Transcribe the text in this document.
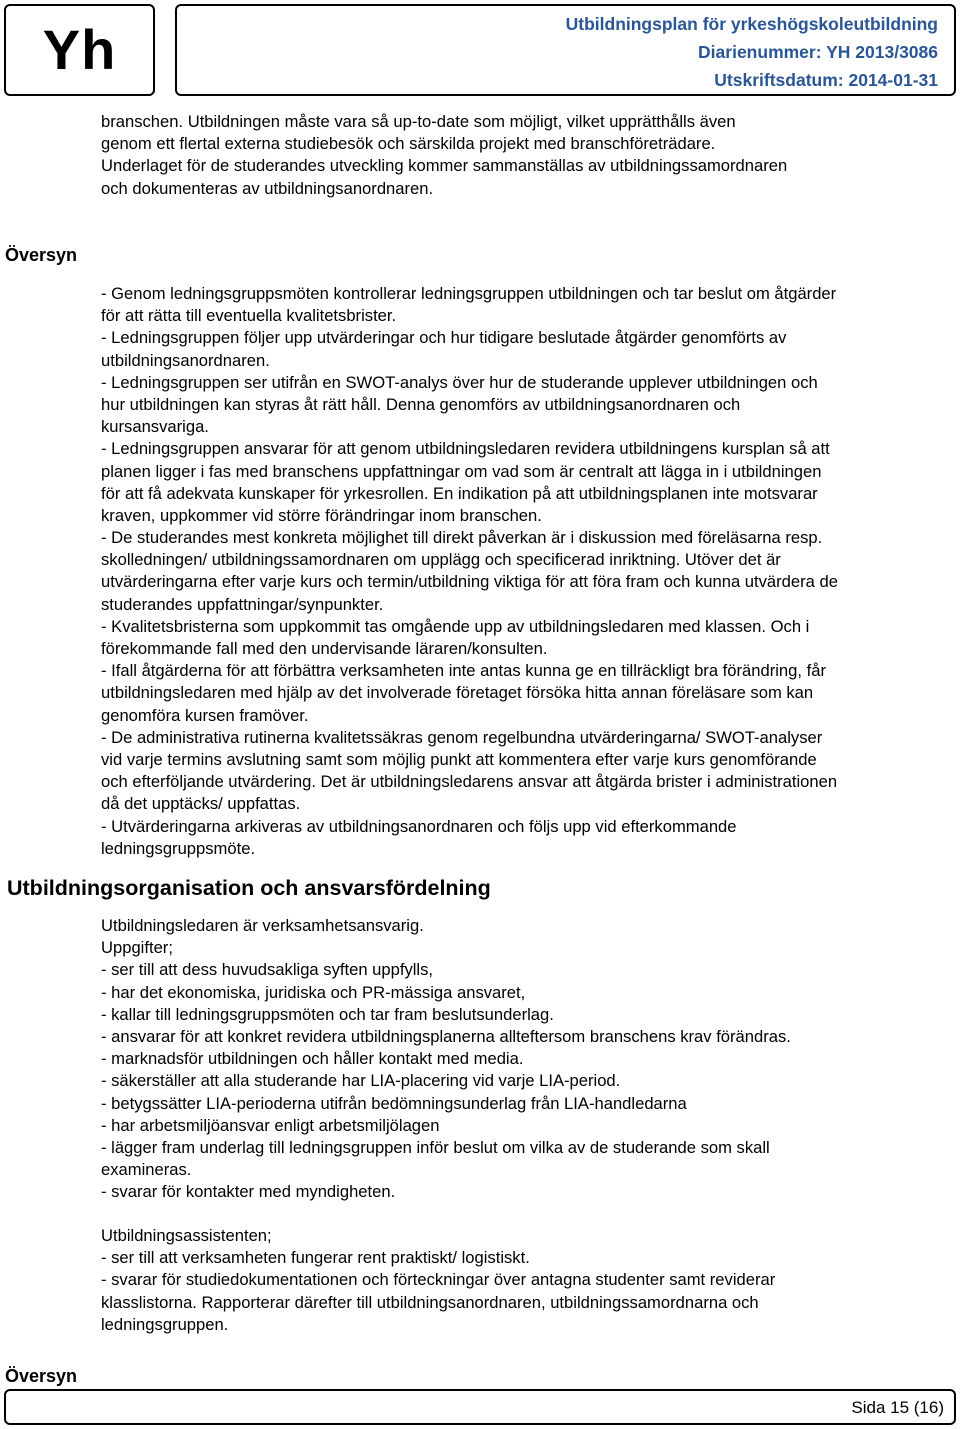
Yh	Utbildningsplan för yrkeshögskoleutbildning
Diarienummer: YH 2013/3086
Utskriftsdatum: 2014-01-31
branschen. Utbildningen måste vara så up-to-date som möjligt, vilket upprätthålls även
genom ett flertal externa studiebesök och särskilda projekt med branschföreträdare.
Underlaget för de studerandes utveckling kommer sammanställas av utbildningssamordnaren
och dokumenteras av utbildningsanordnaren.
Översyn
- Genom ledningsgruppsmöten kontrollerar ledningsgruppen utbildningen och tar beslut om åtgärder
för att rätta till eventuella kvalitetsbrister.
- Ledningsgruppen följer upp utvärderingar och hur tidigare beslutade åtgärder genomförts av
utbildningsanordnaren.
- Ledningsgruppen ser utifrån en SWOT-analys över hur de studerande upplever utbildningen och
hur utbildningen kan styras åt rätt håll. Denna genomförs av utbildningsanordnaren och
kursansvariga.
- Ledningsgruppen ansvarar för att genom utbildningsledaren revidera utbildningens kursplan så att
planen ligger i fas med branschens uppfattningar om vad som är centralt att lägga in i utbildningen
för att få adekvata kunskaper för yrkesrollen. En indikation på att utbildningsplanen inte motsvarar
kraven, uppkommer vid större förändringar inom branschen.
- De studerandes mest konkreta möjlighet till direkt påverkan är i diskussion med föreläsarna resp.
skolledningen/ utbildningssamordnaren om upplägg och specificerad inriktning. Utöver det är
utvärderingarna efter varje kurs och termin/utbildning viktiga för att föra fram och kunna utvärdera de
studerandes uppfattningar/synpunkter.
- Kvalitetsbristerna som uppkommit tas omgående upp av utbildningsledaren med klassen. Och i
förekommande fall med den undervisande läraren/konsulten.
- Ifall åtgärderna för att förbättra verksamheten inte antas kunna ge en tillräckligt bra förändring, får
utbildningsledaren med hjälp av det involverade företaget försöka hitta annan föreläsare som kan
genomföra kursen framöver.
- De administrativa rutinerna kvalitetssäkras genom regelbundna utvärderingarna/ SWOT-analyser
vid varje termins avslutning samt som möjlig punkt att kommentera efter varje kurs genomförande
och efterföljande utvärdering. Det är utbildningsledarens ansvar att åtgärda brister i administrationen
då det upptäcks/ uppfattas.
- Utvärderingarna arkiveras av utbildningsanordnaren och följs upp vid efterkommande
ledningsgruppsmöte.
Utbildningsorganisation och ansvarsfördelning
Utbildningsledaren är verksamhetsansvarig.
Uppgifter;
- ser till att dess huvudsakliga syften uppfylls,
- har det ekonomiska, juridiska och PR-mässiga ansvaret,
- kallar till ledningsgruppsmöten och tar fram beslutsunderlag.
- ansvarar för att konkret revidera utbildningsplanerna allteftersom branschens krav förändras.
- marknadsför utbildningen och håller kontakt med media.
- säkerställer att alla studerande har LIA-placering vid varje LIA-period.
- betygssätter LIA-perioderna utifrån bedömningsunderlag från LIA-handledarna
- har arbetsmiljöansvar enligt arbetsmiljölagen
- lägger fram underlag till ledningsgruppen inför beslut om vilka av de studerande som skall
examineras.
- svarar för kontakter med myndigheten.
Utbildningsassistenten;
- ser till att verksamheten fungerar rent praktiskt/ logistiskt.
- svarar för studiedokumentationen och förteckningar över antagna studenter samt reviderar
klasslistorna. Rapporterar därefter till utbildningsanordnaren, utbildningssamordnarna och
ledningsgruppen.
Översyn
Sida 15 (16)
